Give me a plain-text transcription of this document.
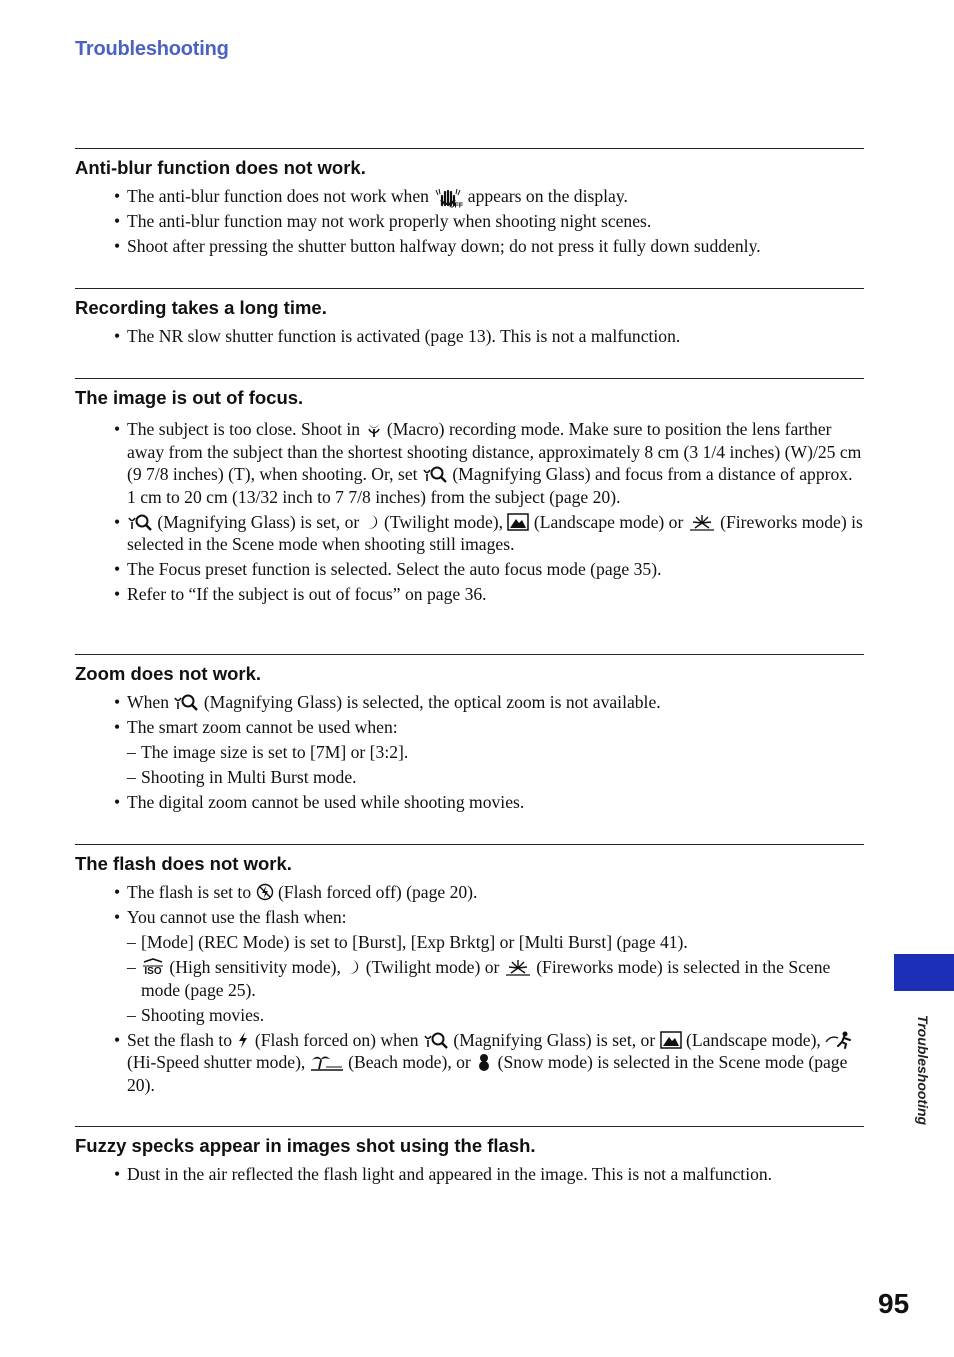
Troubleshooting
Anti-blur function does not work.
• The anti-blur function does not work when	OFF appears on the display.
• The anti-blur function may not work properly when shooting night scenes.
• Shoot after pressing the shutter button halfway down; do not press it fully down suddenly.
Recording takes a long time.
• The NR slow shutter function is activated (page 13). This is not a malfunction.
The image is out of focus.
• The subject is too close. Shoot in (Macro) recording mode. Make sure to position the lens farther away from the subject than the shortest shooting distance, approximately 8 cm (3 1/4 inches) (W)/25 cm (9 7/8 inches) (T), when shooting. Or, set (Magnifying Glass) and focus from a distance of approx. 1 cm to 20 cm (13/32 inch to 7 7/8 inches) from the subject (page 20).
• (Magnifying Glass) is set, or (Twilight mode), (Landscape mode) or (Fireworks mode) is selected in the Scene mode when shooting still images.
• The Focus preset function is selected. Select the auto focus mode (page 35).
• Refer to “If the subject is out of focus” on page 36.
Zoom does not work.
• When (Magnifying Glass) is selected, the optical zoom is not available.
• The smart zoom cannot be used when:
– The image size is set to [7M] or [3:2].
– Shooting in Multi Burst mode.
• The digital zoom cannot be used while shooting movies.
The flash does not work.
• The flash is set to (Flash forced off) (page 20).
• You cannot use the flash when:
– [Mode] (REC Mode) is set to [Burst], [Exp Brktg] or [Multi Burst] (page 41).
– ISO (High sensitivity mode), (Twilight mode) or (Fireworks mode) is selected in the Scene mode (page 25).
– Shooting movies.
• Set the flash to (Flash forced on) when (Magnifying Glass) is set, or (Landscape mode),
(Hi-Speed shutter mode), (Beach mode), or (Snow mode) is selected in the Scene mode (page 20).
Fuzzy specks appear in images shot using the flash.
• Dust in the air reflected the flash light and appeared in the image. This is not a malfunction.
Troubleshooting
95
